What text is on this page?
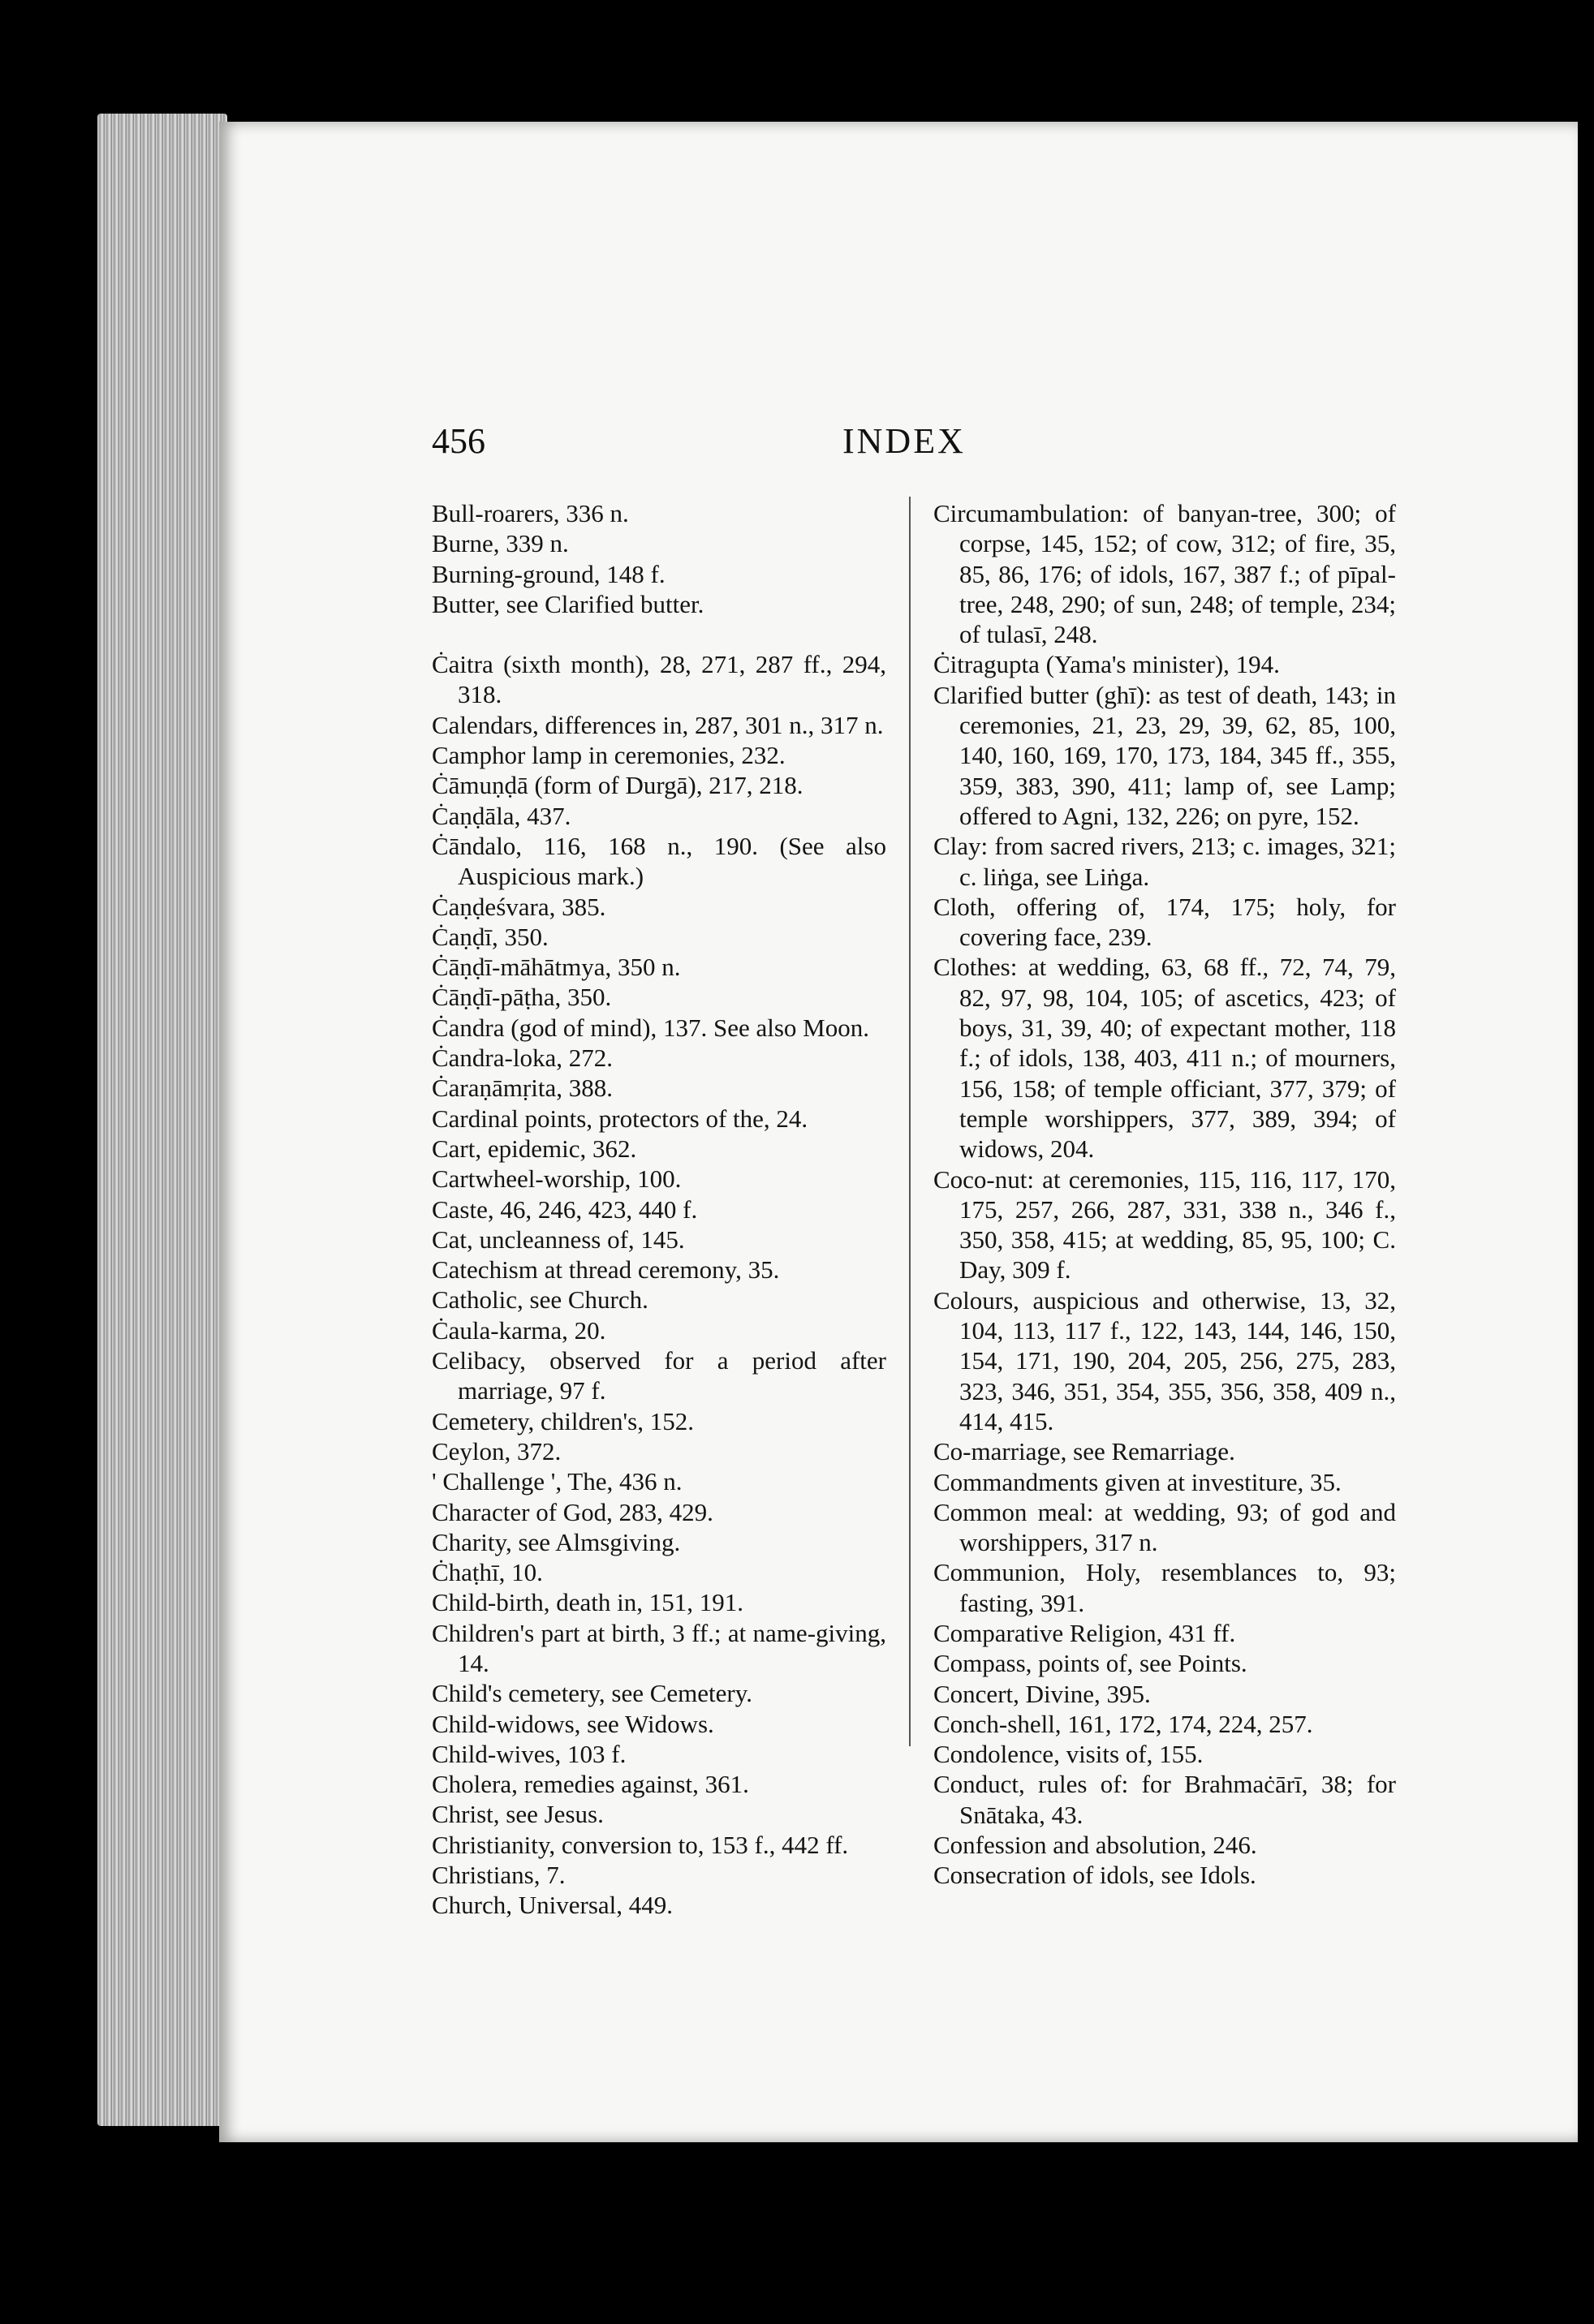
456	INDEX

Bull-roarers, 336 n.

Burne, 339 n.

Burning-ground, 148 f.

Butter, see Clarified butter.

Ċaitra (sixth month), 28, 271, 287 ff., 294, 318.

Calendars, differences in, 287, 301 n., 317 n.

Camphor lamp in ceremonies, 232.

Ċāmuṇḍā (form of Durgā), 217, 218.

Ċaṇḍāla, 437.

Ċāndalo, 116, 168 n., 190. (See also Auspicious mark.)

Ċaṇḍeśvara, 385.

Ċaṇḍī, 350.

Ċāṇḍī-māhātmya, 350 n.

Ċāṇḍī-pāṭha, 350.

Ċandra (god of mind), 137. See also Moon.

Ċandra-loka, 272.

Ċaraṇāmṛita, 388.

Cardinal points, protectors of the, 24.

Cart, epidemic, 362.

Cartwheel-worship, 100.

Caste, 46, 246, 423, 440 f.

Cat, uncleanness of, 145.

Catechism at thread ceremony, 35.

Catholic, see Church.

Ċaula-karma, 20.

Celibacy, observed for a period after marriage, 97 f.

Cemetery, children's, 152.

Ceylon, 372.

' Challenge ', The, 436 n.

Character of God, 283, 429.

Charity, see Almsgiving.

Ċhaṭhī, 10.

Child-birth, death in, 151, 191.

Children's part at birth, 3 ff.; at name-giving, 14.

Child's cemetery, see Cemetery.

Child-widows, see Widows.

Child-wives, 103 f.

Cholera, remedies against, 361.

Christ, see Jesus.

Christianity, conversion to, 153 f., 442 ff.

Christians, 7.

Church, Universal, 449.

Circumambulation: of banyan-tree, 300; of corpse, 145, 152; of cow, 312; of fire, 35, 85, 86, 176; of idols, 167, 387 f.; of pīpal-tree, 248, 290; of sun, 248; of temple, 234; of tulasī, 248.

Ċitragupta (Yama's minister), 194.

Clarified butter (ghī): as test of death, 143; in ceremonies, 21, 23, 29, 39, 62, 85, 100, 140, 160, 169, 170, 173, 184, 345 ff., 355, 359, 383, 390, 411; lamp of, see Lamp; offered to Agni, 132, 226; on pyre, 152.

Clay: from sacred rivers, 213; c. images, 321; c. liṅga, see Liṅga.

Cloth, offering of, 174, 175; holy, for covering face, 239.

Clothes: at wedding, 63, 68 ff., 72, 74, 79, 82, 97, 98, 104, 105; of ascetics, 423; of boys, 31, 39, 40; of expectant mother, 118 f.; of idols, 138, 403, 411 n.; of mourners, 156, 158; of temple officiant, 377, 379; of temple worshippers, 377, 389, 394; of widows, 204.

Coco-nut: at ceremonies, 115, 116, 117, 170, 175, 257, 266, 287, 331, 338 n., 346 f., 350, 358, 415; at wedding, 85, 95, 100; C. Day, 309 f.

Colours, auspicious and otherwise, 13, 32, 104, 113, 117 f., 122, 143, 144, 146, 150, 154, 171, 190, 204, 205, 256, 275, 283, 323, 346, 351, 354, 355, 356, 358, 409 n., 414, 415.

Co-marriage, see Remarriage.

Commandments given at investiture, 35.

Common meal: at wedding, 93; of god and worshippers, 317 n.

Communion, Holy, resemblances to, 93; fasting, 391.

Comparative Religion, 431 ff.

Compass, points of, see Points.

Concert, Divine, 395.

Conch-shell, 161, 172, 174, 224, 257.

Condolence, visits of, 155.

Conduct, rules of: for Brahmaċārī, 38; for Snātaka, 43.

Confession and absolution, 246.

Consecration of idols, see Idols.
